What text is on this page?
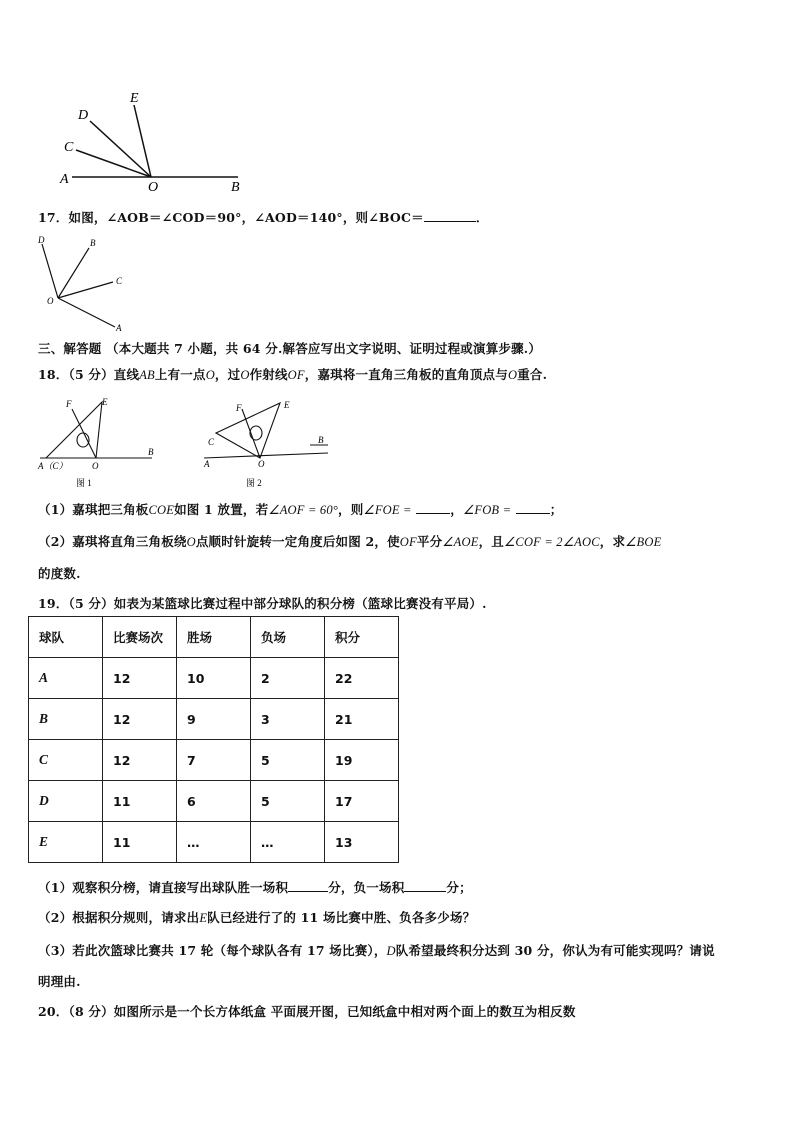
D
E
C
A
O	B
17．如图，∠AOB＝∠COD＝90°，∠AOD＝140°，则∠BOC＝	．
D	B
C
O
A
三、解答题 （本大题共 7 小题，共 64 分.解答应写出文字说明、证明过程或演算步骤.）
18．（5 分）直线AB上有一点O，过O作射线OF，嘉琪将一直角三角板的直角顶点与O重合.
F	E
A（C）	O
B
图 1
F	E
C
A	O
B
图 2
（1）嘉琪把三角板COE如图 1 放置，若∠AOF = 60°，则∠FOE =	，∠FOB =	；
（2）嘉琪将直角三角板绕O点顺时针旋转一定角度后如图 2，使OF平分∠AOE，且∠COF = 2∠AOC，求∠BOE
的度数.
19．（5 分）如表为某篮球比赛过程中部分球队的积分榜（篮球比赛没有平局）.
球队	比赛场次	胜场	负场	积分
A	12	10	2	22
B	12	9	3	21
C	12	7	5	19
D	11	6	5	17
E	11	…	…	13
（1）观察积分榜，请直接写出球队胜一场积	分，负一场积	分；
（2）根据积分规则，请求出E队已经进行了的 11 场比赛中胜、负各多少场？
（3）若此次篮球比赛共 17 轮（每个球队各有 17 场比赛），D队希望最终积分达到 30 分，你认为有可能实现吗？请说
明理由.
20．（8 分）如图所示是一个长方体纸盒 平面展开图，已知纸盒中相对两个面上的数互为相反数
